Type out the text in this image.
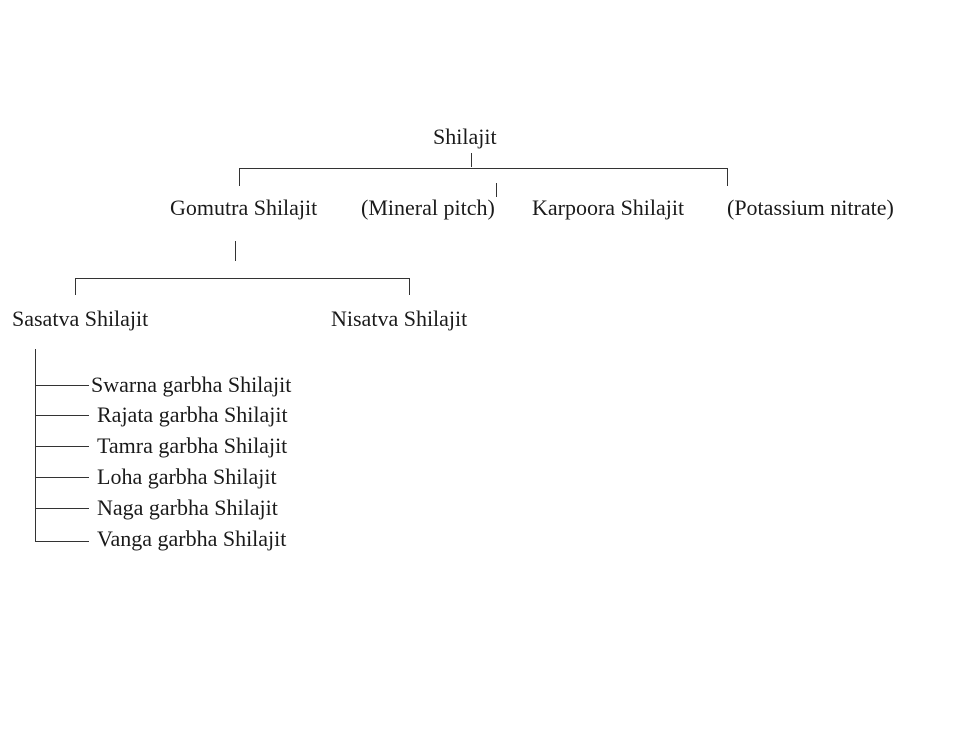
Shilajit
Gomutra Shilajit (Mineral pitch) Karpoora Shilajit (Potassium nitrate)
Sasatva Shilajit	Nisatva Shilajit
Swarna garbha Shilajit
Rajata garbha Shilajit
Tamra garbha Shilajit
Loha garbha Shilajit
Naga garbha Shilajit
Vanga garbha Shilajit
